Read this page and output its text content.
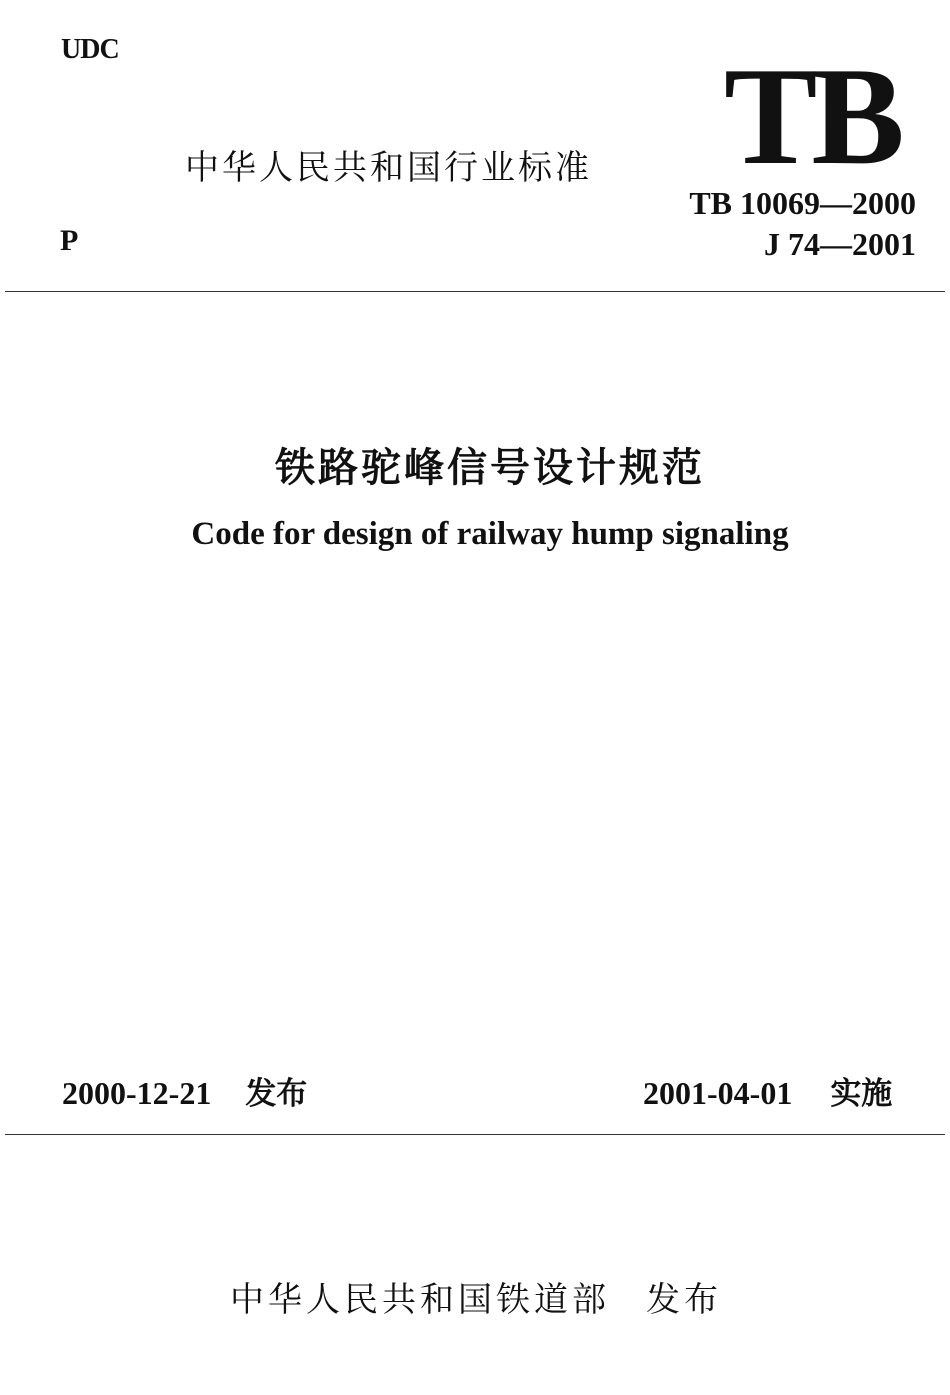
UDC
中华人民共和国行业标准 TB
P
TB 10069—2000
J 74—2001
铁路驼峰信号设计规范
Code for design of railway hump signaling
2000-12-21 发布	2001-04-01 实施
中华人民共和国铁道部 发布
